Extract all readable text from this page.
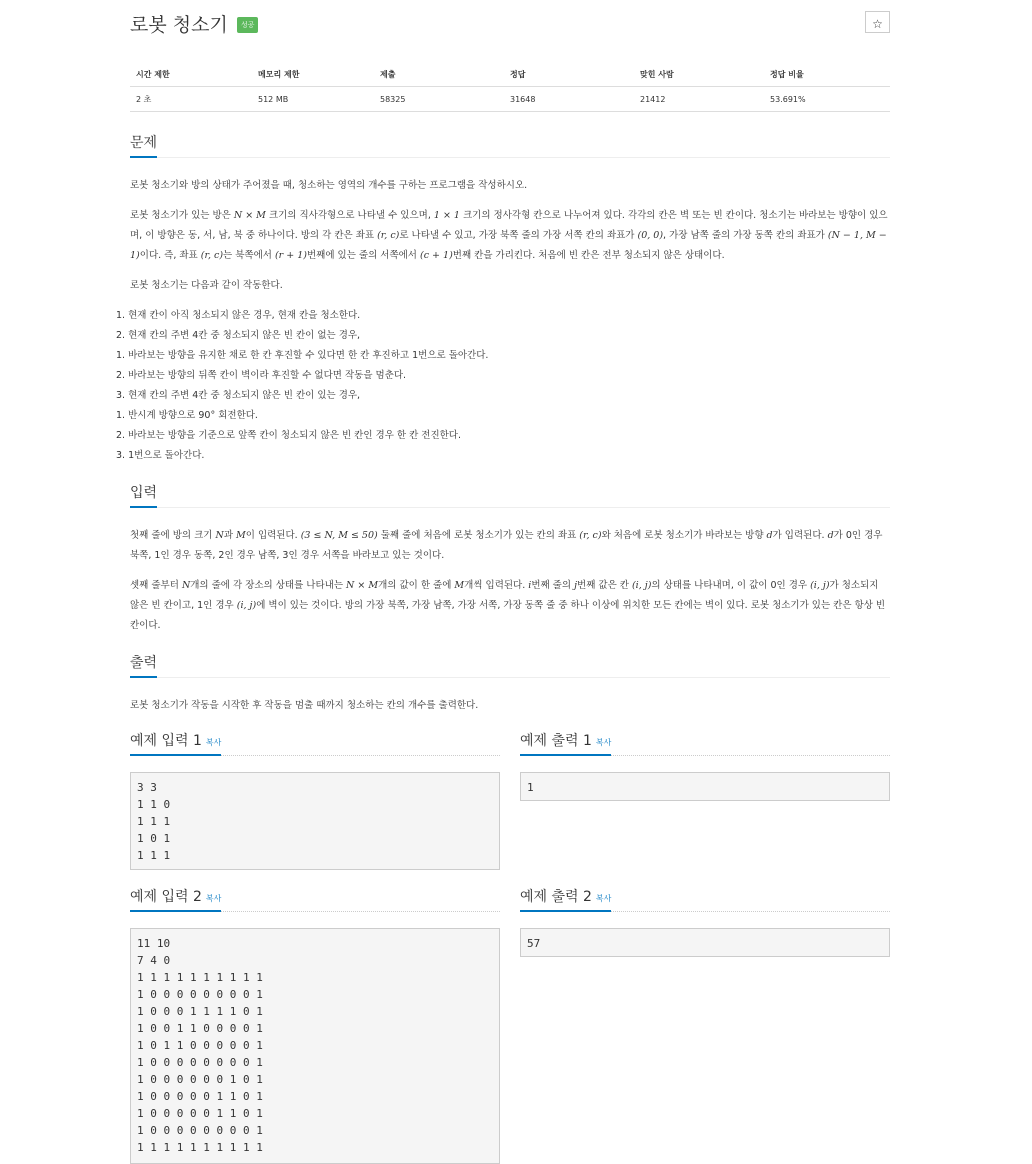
로봇 청소기 성공	☆
시간 제한	메모리 제한	제출	정답	맞힌 사람	정답 비율
2 초	512 MB	58325	31648	21412	53.691%
문제

로봇 청소기와 방의 상태가 주어졌을 때, 청소하는 영역의 개수를 구하는 프로그램을 작성하시오.

로봇 청소기가 있는 방은 N × M 크기의 직사각형으로 나타낼 수 있으며, 1 × 1 크기의 정사각형 칸으로 나누어져 있다. 각각의 칸은 벽 또는 빈 칸이다. 청소기는 바라보는 방향이 있으며, 이 방향은 동, 서, 남, 북 중 하나이다. 방의 각 칸은 좌표 (r, c)로 나타낼 수 있고, 가장 북쪽 줄의 가장 서쪽 칸의 좌표가 (0, 0), 가장 남쪽 줄의 가장 동쪽 칸의 좌표가 (N − 1, M − 1)이다. 즉, 좌표 (r, c)는 북쪽에서 (r + 1)번째에 있는 줄의 서쪽에서 (c + 1)번째 칸을 가리킨다. 처음에 빈 칸은 전부 청소되지 않은 상태이다.

로봇 청소기는 다음과 같이 작동한다.

1. 현재 칸이 아직 청소되지 않은 경우, 현재 칸을 청소한다.
2. 현재 칸의 주변 4칸 중 청소되지 않은 빈 칸이 없는 경우,
1. 바라보는 방향을 유지한 채로 한 칸 후진할 수 있다면 한 칸 후진하고 1번으로 돌아간다.
2. 바라보는 방향의 뒤쪽 칸이 벽이라 후진할 수 없다면 작동을 멈춘다.
3. 현재 칸의 주변 4칸 중 청소되지 않은 빈 칸이 있는 경우,
1. 반시계 방향으로 90° 회전한다.
2. 바라보는 방향을 기준으로 앞쪽 칸이 청소되지 않은 빈 칸인 경우 한 칸 전진한다.
3. 1번으로 돌아간다.
입력

첫째 줄에 방의 크기 N과 M이 입력된다. (3 ≤ N, M ≤ 50) 둘째 줄에 처음에 로봇 청소기가 있는 칸의 좌표 (r, c)와 처음에 로봇 청소기가 바라보는 방향 d가 입력된다. d가 0인 경우 북쪽, 1인 경우 동쪽, 2인 경우 남쪽, 3인 경우 서쪽을 바라보고 있는 것이다.

셋째 줄부터 N개의 줄에 각 장소의 상태를 나타내는 N × M개의 값이 한 줄에 M개씩 입력된다. i번째 줄의 j번째 값은 칸 (i, j)의 상태를 나타내며, 이 값이 0인 경우 (i, j)가 청소되지 않은 빈 칸이고, 1인 경우 (i, j)에 벽이 있는 것이다. 방의 가장 북쪽, 가장 남쪽, 가장 서쪽, 가장 동쪽 줄 중 하나 이상에 위치한 모든 칸에는 벽이 있다. 로봇 청소기가 있는 칸은 항상 빈 칸이다.

출력

로봇 청소기가 작동을 시작한 후 작동을 멈출 때까지 청소하는 칸의 개수를 출력한다.

예제 입력 1 복사
3 3
1 1 0
1 1 1
1 0 1
1 1 1
예제 출력 1 복사
1
예제 입력 2 복사
11 10
7 4 0
1 1 1 1 1 1 1 1 1 1
1 0 0 0 0 0 0 0 0 1
1 0 0 0 1 1 1 1 0 1
1 0 0 1 1 0 0 0 0 1
1 0 1 1 0 0 0 0 0 1
1 0 0 0 0 0 0 0 0 1
1 0 0 0 0 0 0 1 0 1
1 0 0 0 0 0 1 1 0 1
1 0 0 0 0 0 1 1 0 1
1 0 0 0 0 0 0 0 0 1
1 1 1 1 1 1 1 1 1 1
예제 출력 2 복사
57
